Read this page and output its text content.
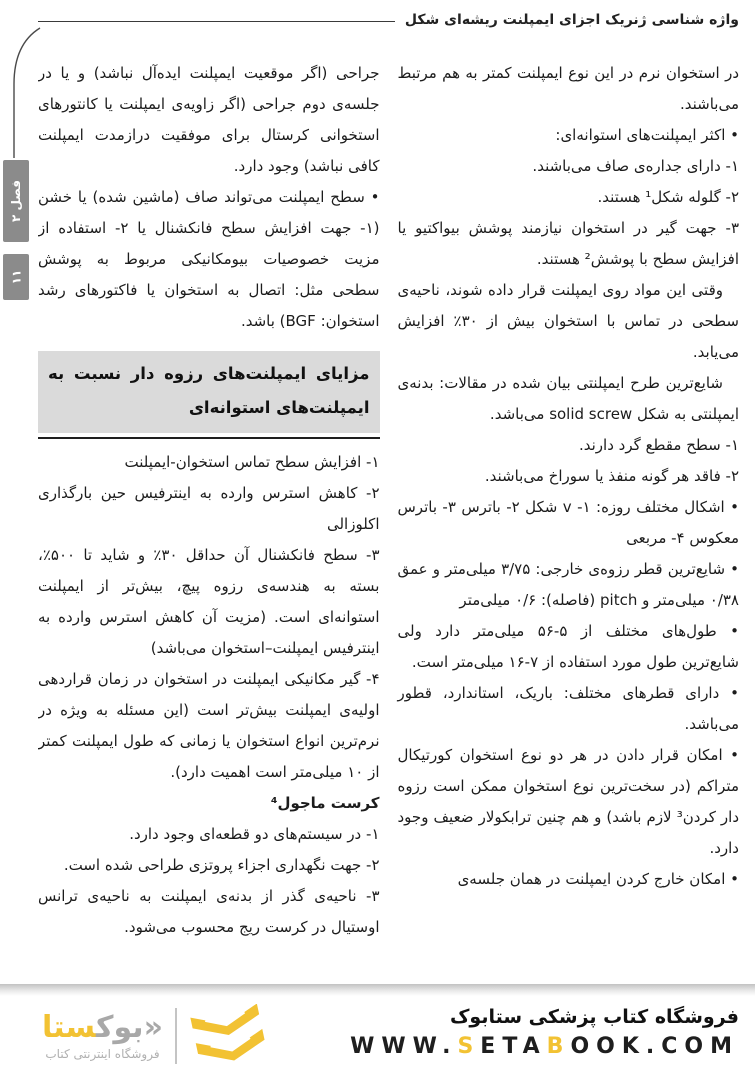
واژه شناسی ژنریک اجزای ایمپلنت ریشه‌ای شکل
فصل ۲
۱۱

در استخوان نرم در این نوع ایمپلنت کمتر به هم مرتبط می‌باشند.

• اکثر ایمپلنت‌های استوانه‌ای:

۱- دارای جداره‌ی صاف می‌باشند.

۲- گلوله شکل¹ هستند.

۳- جهت گیر در استخوان نیازمند پوشش بیواکتیو یا افزایش سطح با پوشش² هستند.

وقتی این مواد روی ایمپلنت قرار داده شوند، ناحیه‌ی سطحی در تماس با استخوان بیش از ۳۰٪ افزایش می‌یابد.

شایع‌ترین طرح ایمپلنتی بیان شده در مقالات: بدنه‌ی ایمپلنتی به شکل solid screw می‌باشد.

۱- سطح مقطع گرد دارند.

۲- فاقد هر گونه منفذ یا سوراخ می‌باشند.

• اشکال مختلف روزه: ۱- v شکل ۲- باترس ۳- باترس معکوس ۴- مربعی

• شایع‌ترین قطر رزوه‌ی خارجی: ۳/۷۵ میلی‌متر و عمق ۰/۳۸ میلی‌متر و pitch (فاصله): ۰/۶ میلی‌متر

• طول‌های مختلف از ۵-۵۶ میلی‌متر دارد ولی شایع‌ترین طول مورد استفاده از ۷-۱۶ میلی‌متر است.

• دارای قطرهای مختلف: باریک، استاندارد، قطور می‌باشد.

• امکان قرار دادن در هر دو نوع استخوان کورتیکال متراکم (در سخت‌ترین نوع استخوان ممکن است رزوه دار کردن³ لازم باشد) و هم چنین ترابکولار ضعیف وجود دارد.

• امکان خارج کردن ایمپلنت در همان جلسه‌ی

جراحی (اگر موقعیت ایمپلنت ایده‌آل نباشد) و یا در جلسه‌ی دوم جراحی (اگر زاویه‌ی ایمپلنت یا کانتورهای استخوانی کرستال برای موفقیت درازمدت ایمپلنت کافی نباشد) وجود دارد.

• سطح ایمپلنت می‌تواند صاف (ماشین شده) یا خشن (۱- جهت افزایش سطح فانکشنال یا ۲- استفاده از مزیت خصوصیات بیومکانیکی مربوط به پوشش سطحی مثل: اتصال به استخوان یا فاکتورهای رشد استخوان: BGF) باشد.

مزایای ایمپلنت‌های رزوه دار نسبت به ایمپلنت‌های استوانه‌ای

۱- افزایش سطح تماس استخوان-ایمپلنت

۲- کاهش استرس وارده به اینترفیس حین بارگذاری اکلوزالی

۳- سطح فانکشنال آن حداقل ۳۰٪ و شاید تا ۵۰۰٪، بسته به هندسه‌ی رزوه پیچ، بیش‌تر از ایمپلنت استوانه‌ای است. (مزیت آن کاهش استرس وارده به اینترفیس ایمپلنت–استخوان می‌باشد)

۴- گیر مکانیکی ایمپلنت در استخوان در زمان قراردهی اولیه‌ی ایمپلنت بیش‌تر است (این مسئله به ویژه در نرم‌ترین انواع استخوان یا زمانی که طول ایمپلنت کمتر از ۱۰ میلی‌متر است اهمیت دارد).

کرست ماجول⁴

۱- در سیستم‌های دو قطعه‌ای وجود دارد.

۲- جهت نگهداری اجزاء پروتزی طراحی شده است.

۳- ناحیه‌ی گذر از بدنه‌ی ایمپلنت به ناحیه‌ی ترانس اوستیال در کرست ریج محسوب می‌شود.

«بوکستا
فروشگاه اینترنتی کتاب
فروشگاه کتاب پزشکی ستابوک
WWW.SETABOOK.COM
